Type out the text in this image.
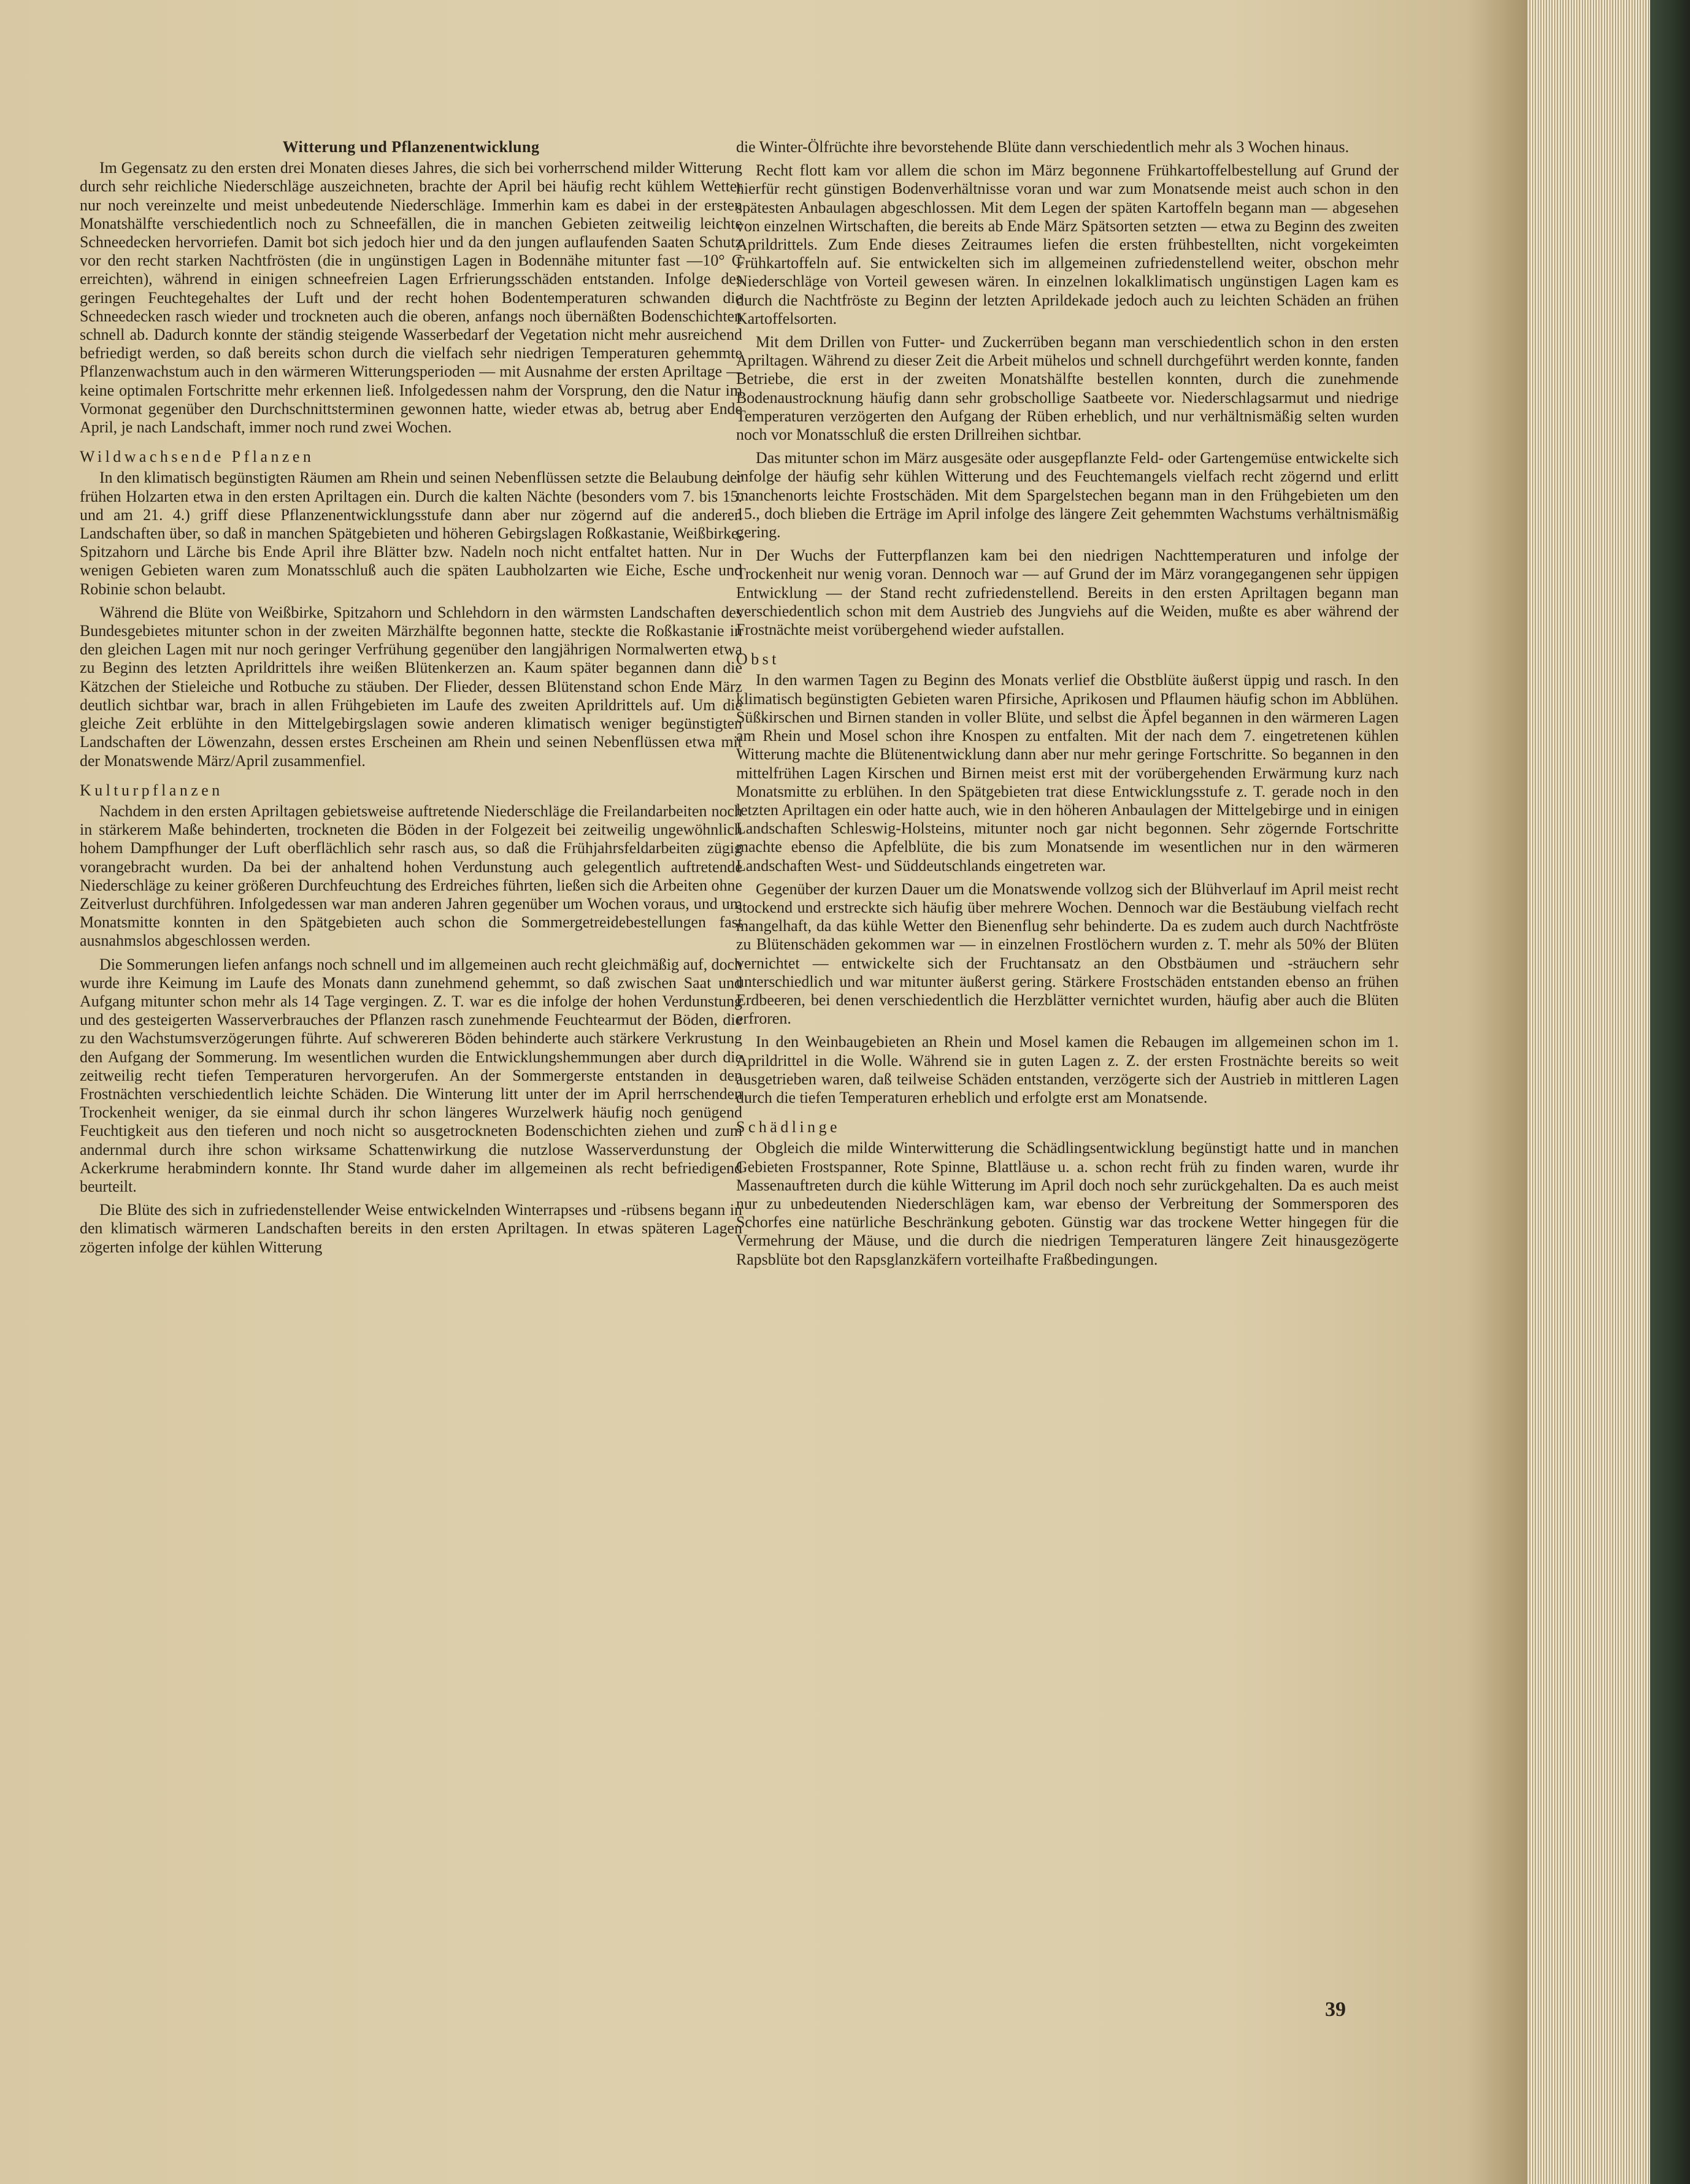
Witterung und Pflanzenentwicklung

Im Gegensatz zu den ersten drei Monaten dieses Jahres, die sich bei vorherrschend milder Witterung durch sehr reichliche Niederschläge auszeichneten, brachte der April bei häufig recht kühlem Wetter nur noch vereinzelte und meist unbedeutende Niederschläge. Immerhin kam es dabei in der ersten Monatshälfte verschiedentlich noch zu Schneefällen, die in manchen Gebieten zeitweilig leichte Schneedecken hervorriefen. Damit bot sich jedoch hier und da den jungen auflaufenden Saaten Schutz vor den recht starken Nachtfrösten (die in ungünstigen Lagen in Bodennähe mitunter fast —10° C erreichten), während in einigen schneefreien Lagen Erfrierungsschäden entstanden. Infolge des geringen Feuchtegehaltes der Luft und der recht hohen Bodentemperaturen schwanden die Schneedecken rasch wieder und trockneten auch die oberen, anfangs noch übernäßten Bodenschichten schnell ab. Dadurch konnte der ständig steigende Wasserbedarf der Vegetation nicht mehr ausreichend befriedigt werden, so daß bereits schon durch die vielfach sehr niedrigen Temperaturen gehemmte Pflanzenwachstum auch in den wärmeren Witterungsperioden — mit Ausnahme der ersten Apriltage — keine optimalen Fortschritte mehr erkennen ließ. Infolgedessen nahm der Vorsprung, den die Natur im Vormonat gegenüber den Durchschnittsterminen gewonnen hatte, wieder etwas ab, betrug aber Ende April, je nach Landschaft, immer noch rund zwei Wochen.

Wildwachsende Pflanzen

In den klimatisch begünstigten Räumen am Rhein und seinen Nebenflüssen setzte die Belaubung der frühen Holzarten etwa in den ersten Apriltagen ein. Durch die kalten Nächte (besonders vom 7. bis 15. und am 21. 4.) griff diese Pflanzenentwicklungsstufe dann aber nur zögernd auf die anderen Landschaften über, so daß in manchen Spätgebieten und höheren Gebirgslagen Roßkastanie, Weißbirke, Spitzahorn und Lärche bis Ende April ihre Blätter bzw. Nadeln noch nicht entfaltet hatten. Nur in wenigen Gebieten waren zum Monatsschluß auch die späten Laubholzarten wie Eiche, Esche und Robinie schon belaubt.

Während die Blüte von Weißbirke, Spitzahorn und Schlehdorn in den wärmsten Landschaften des Bundesgebietes mitunter schon in der zweiten Märzhälfte begonnen hatte, steckte die Roßkastanie in den gleichen Lagen mit nur noch geringer Verfrühung gegenüber den langjährigen Normalwerten etwa zu Beginn des letzten Aprildrittels ihre weißen Blütenkerzen an. Kaum später begannen dann die Kätzchen der Stieleiche und Rotbuche zu stäuben. Der Flieder, dessen Blütenstand schon Ende März deutlich sichtbar war, brach in allen Frühgebieten im Laufe des zweiten Aprildrittels auf. Um die gleiche Zeit erblühte in den Mittelgebirgslagen sowie anderen klimatisch weniger begünstigten Landschaften der Löwenzahn, dessen erstes Erscheinen am Rhein und seinen Nebenflüssen etwa mit der Monatswende März/April zusammenfiel.

Kulturpflanzen

Nachdem in den ersten Apriltagen gebietsweise auftretende Niederschläge die Freilandarbeiten noch in stärkerem Maße behinderten, trockneten die Böden in der Folgezeit bei zeitweilig ungewöhnlich hohem Dampfhunger der Luft oberflächlich sehr rasch aus, so daß die Frühjahrsfeldarbeiten zügig vorangebracht wurden. Da bei der anhaltend hohen Verdunstung auch gelegentlich auftretende Niederschläge zu keiner größeren Durchfeuchtung des Erdreiches führten, ließen sich die Arbeiten ohne Zeitverlust durchführen. Infolgedessen war man anderen Jahren gegenüber um Wochen voraus, und um Monatsmitte konnten in den Spätgebieten auch schon die Sommergetreidebestellungen fast ausnahmslos abgeschlossen werden.

Die Sommerungen liefen anfangs noch schnell und im allgemeinen auch recht gleichmäßig auf, doch wurde ihre Keimung im Laufe des Monats dann zunehmend gehemmt, so daß zwischen Saat und Aufgang mitunter schon mehr als 14 Tage vergingen. Z. T. war es die infolge der hohen Verdunstung und des gesteigerten Wasserverbrauches der Pflanzen rasch zunehmende Feuchtearmut der Böden, die zu den Wachstumsverzögerungen führte. Auf schwereren Böden behinderte auch stärkere Verkrustung den Aufgang der Sommerung. Im wesentlichen wurden die Entwicklungshemmungen aber durch die zeitweilig recht tiefen Temperaturen hervorgerufen. An der Sommergerste entstanden in den Frostnächten verschiedentlich leichte Schäden. Die Winterung litt unter der im April herrschenden Trockenheit weniger, da sie einmal durch ihr schon längeres Wurzelwerk häufig noch genügend Feuchtigkeit aus den tieferen und noch nicht so ausgetrockneten Bodenschichten ziehen und zum andernmal durch ihre schon wirksame Schattenwirkung die nutzlose Wasserverdunstung der Ackerkrume herabmindern konnte. Ihr Stand wurde daher im allgemeinen als recht befriedigend beurteilt.

Die Blüte des sich in zufriedenstellender Weise entwickelnden Winterrapses und -rübsens begann in den klimatisch wärmeren Landschaften bereits in den ersten Apriltagen. In etwas späteren Lagen zögerten infolge der kühlen Witterung

die Winter-Ölfrüchte ihre bevorstehende Blüte dann verschiedentlich mehr als 3 Wochen hinaus.

Recht flott kam vor allem die schon im März begonnene Frühkartoffelbestellung auf Grund der hierfür recht günstigen Bodenverhältnisse voran und war zum Monatsende meist auch schon in den spätesten Anbaulagen abgeschlossen. Mit dem Legen der späten Kartoffeln begann man — abgesehen von einzelnen Wirtschaften, die bereits ab Ende März Spätsorten setzten — etwa zu Beginn des zweiten Aprildrittels. Zum Ende dieses Zeitraumes liefen die ersten frühbestellten, nicht vorgekeimten Frühkartoffeln auf. Sie entwickelten sich im allgemeinen zufriedenstellend weiter, obschon mehr Niederschläge von Vorteil gewesen wären. In einzelnen lokalklimatisch ungünstigen Lagen kam es durch die Nachtfröste zu Beginn der letzten Aprildekade jedoch auch zu leichten Schäden an frühen Kartoffelsorten.

Mit dem Drillen von Futter- und Zuckerrüben begann man verschiedentlich schon in den ersten Apriltagen. Während zu dieser Zeit die Arbeit mühelos und schnell durchgeführt werden konnte, fanden Betriebe, die erst in der zweiten Monatshälfte bestellen konnten, durch die zunehmende Bodenaustrocknung häufig dann sehr grobschollige Saatbeete vor. Niederschlagsarmut und niedrige Temperaturen verzögerten den Aufgang der Rüben erheblich, und nur verhältnismäßig selten wurden noch vor Monatsschluß die ersten Drillreihen sichtbar.

Das mitunter schon im März ausgesäte oder ausgepflanzte Feld- oder Gartengemüse entwickelte sich infolge der häufig sehr kühlen Witterung und des Feuchtemangels vielfach recht zögernd und erlitt manchenorts leichte Frostschäden. Mit dem Spargelstechen begann man in den Frühgebieten um den 15., doch blieben die Erträge im April infolge des längere Zeit gehemmten Wachstums verhältnismäßig gering.

Der Wuchs der Futterpflanzen kam bei den niedrigen Nachttemperaturen und infolge der Trockenheit nur wenig voran. Dennoch war — auf Grund der im März vorangegangenen sehr üppigen Entwicklung — der Stand recht zufriedenstellend. Bereits in den ersten Apriltagen begann man verschiedentlich schon mit dem Austrieb des Jungviehs auf die Weiden, mußte es aber während der Frostnächte meist vorübergehend wieder aufstallen.

Obst

In den warmen Tagen zu Beginn des Monats verlief die Obstblüte äußerst üppig und rasch. In den klimatisch begünstigten Gebieten waren Pfirsiche, Aprikosen und Pflaumen häufig schon im Abblühen. Süßkirschen und Birnen standen in voller Blüte, und selbst die Äpfel begannen in den wärmeren Lagen am Rhein und Mosel schon ihre Knospen zu entfalten. Mit der nach dem 7. eingetretenen kühlen Witterung machte die Blütenentwicklung dann aber nur mehr geringe Fortschritte. So begannen in den mittelfrühen Lagen Kirschen und Birnen meist erst mit der vorübergehenden Erwärmung kurz nach Monatsmitte zu erblühen. In den Spätgebieten trat diese Entwicklungsstufe z. T. gerade noch in den letzten Apriltagen ein oder hatte auch, wie in den höheren Anbaulagen der Mittelgebirge und in einigen Landschaften Schleswig-Holsteins, mitunter noch gar nicht begonnen. Sehr zögernde Fortschritte machte ebenso die Apfelblüte, die bis zum Monatsende im wesentlichen nur in den wärmeren Landschaften West- und Süddeutschlands eingetreten war.

Gegenüber der kurzen Dauer um die Monatswende vollzog sich der Blühverlauf im April meist recht stockend und erstreckte sich häufig über mehrere Wochen. Dennoch war die Bestäubung vielfach recht mangelhaft, da das kühle Wetter den Bienenflug sehr behinderte. Da es zudem auch durch Nachtfröste zu Blütenschäden gekommen war — in einzelnen Frostlöchern wurden z. T. mehr als 50% der Blüten vernichtet — entwickelte sich der Fruchtansatz an den Obstbäumen und -sträuchern sehr unterschiedlich und war mitunter äußerst gering. Stärkere Frostschäden entstanden ebenso an frühen Erdbeeren, bei denen verschiedentlich die Herzblätter vernichtet wurden, häufig aber auch die Blüten erfroren.

In den Weinbaugebieten an Rhein und Mosel kamen die Rebaugen im allgemeinen schon im 1. Aprildrittel in die Wolle. Während sie in guten Lagen z. Z. der ersten Frostnächte bereits so weit ausgetrieben waren, daß teilweise Schäden entstanden, verzögerte sich der Austrieb in mittleren Lagen durch die tiefen Temperaturen erheblich und erfolgte erst am Monatsende.

Schädlinge

Obgleich die milde Winterwitterung die Schädlingsentwicklung begünstigt hatte und in manchen Gebieten Frostspanner, Rote Spinne, Blattläuse u. a. schon recht früh zu finden waren, wurde ihr Massenauftreten durch die kühle Witterung im April doch noch sehr zurückgehalten. Da es auch meist nur zu unbedeutenden Niederschlägen kam, war ebenso der Verbreitung der Sommersporen des Schorfes eine natürliche Beschränkung geboten. Günstig war das trockene Wetter hingegen für die Vermehrung der Mäuse, und die durch die niedrigen Temperaturen längere Zeit hinausgezögerte Rapsblüte bot den Rapsglanzkäfern vorteilhafte Fraßbedingungen.

39
